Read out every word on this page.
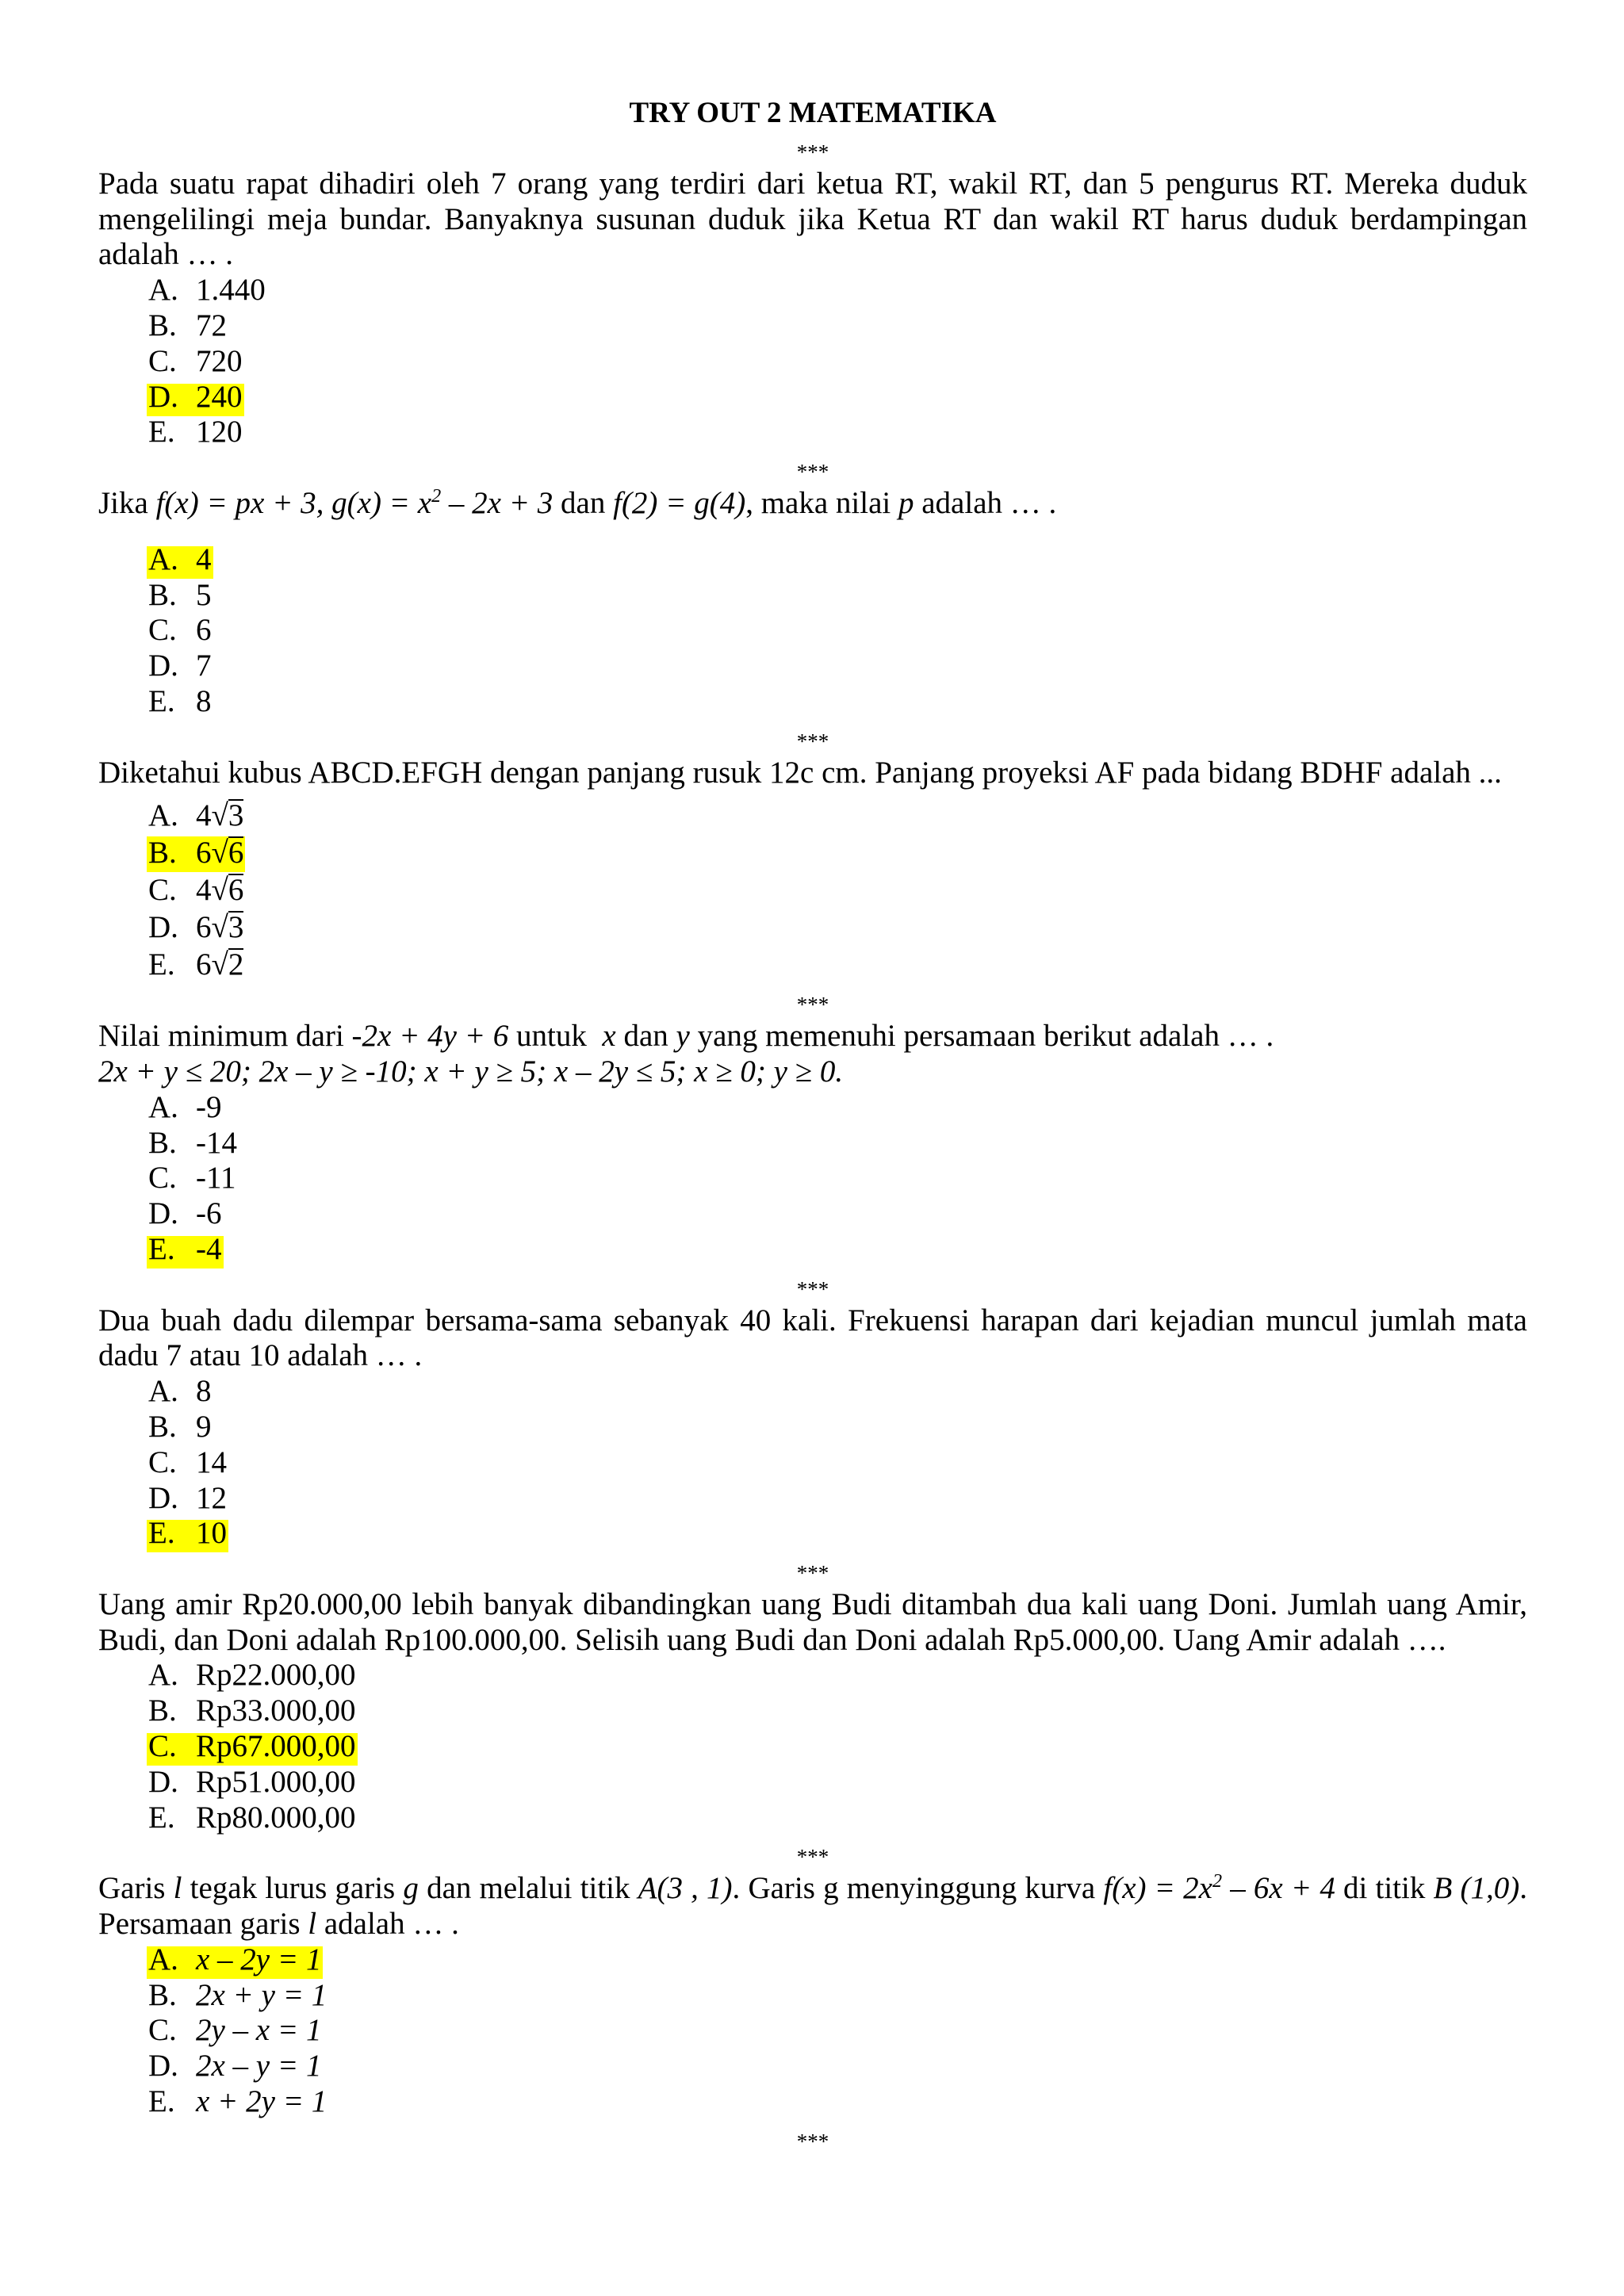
TRY OUT 2 MATEMATIKA
***
Pada suatu rapat dihadiri oleh 7 orang yang terdiri dari ketua RT, wakil RT, dan 5 pengurus RT. Mereka duduk
mengelilingi meja bundar. Banyaknya susunan duduk jika Ketua RT dan wakil RT harus duduk berdampingan
adalah … .
A. 1.440
B. 72
C. 720
D. 240
E. 120
***
Jika f(x) = px + 3, $g(x) = x^2 - 2x + 3$ dan f(2) = g(4), maka nilai p adalah … .
A. 4
B. 5
C. 6
D. 7
E. 8
***
Diketahui kubus ABCD.EFGH dengan panjang rusuk 12c cm. Panjang proyeksi AF pada bidang BDHF adalah ...
A. 4√3
B. 6√6
C. 4√6
D. 6√3
E. 6√2
***
Nilai minimum dari -2x + 4y + 6 untuk  x dan y yang memenuhi persamaan berikut adalah … .
2x + y ≤ 20; 2x – y ≥ -10; x + y ≥ 5; x – 2y ≤ 5; x ≥ 0; y ≥ 0.
A. -9
B. -14
C. -11
D. -6
E. -4
***
Dua buah dadu dilempar bersama-sama sebanyak 40 kali. Frekuensi harapan dari kejadian muncul jumlah mata
dadu 7 atau 10 adalah … .
A. 8
B. 9
C. 14
D. 12
E. 10
***
Uang amir Rp20.000,00 lebih banyak dibandingkan uang Budi ditambah dua kali uang Doni. Jumlah uang Amir,
Budi, dan Doni adalah Rp100.000,00. Selisih uang Budi dan Doni adalah Rp5.000,00. Uang Amir adalah ….
A. Rp22.000,00
B. Rp33.000,00
C. Rp67.000,00
D. Rp51.000,00
E. Rp80.000,00
***
Garis l tegak lurus garis g dan melalui titik A(3 , 1). Garis g menyinggung kurva $f(x) = 2x^2 - 6x + 4$ di titik B (1,0).
Persamaan garis l adalah … .
A. x – 2y = 1
B. 2x + y = 1
C. 2y – x = 1
D. 2x – y = 1
E. x + 2y = 1
***
